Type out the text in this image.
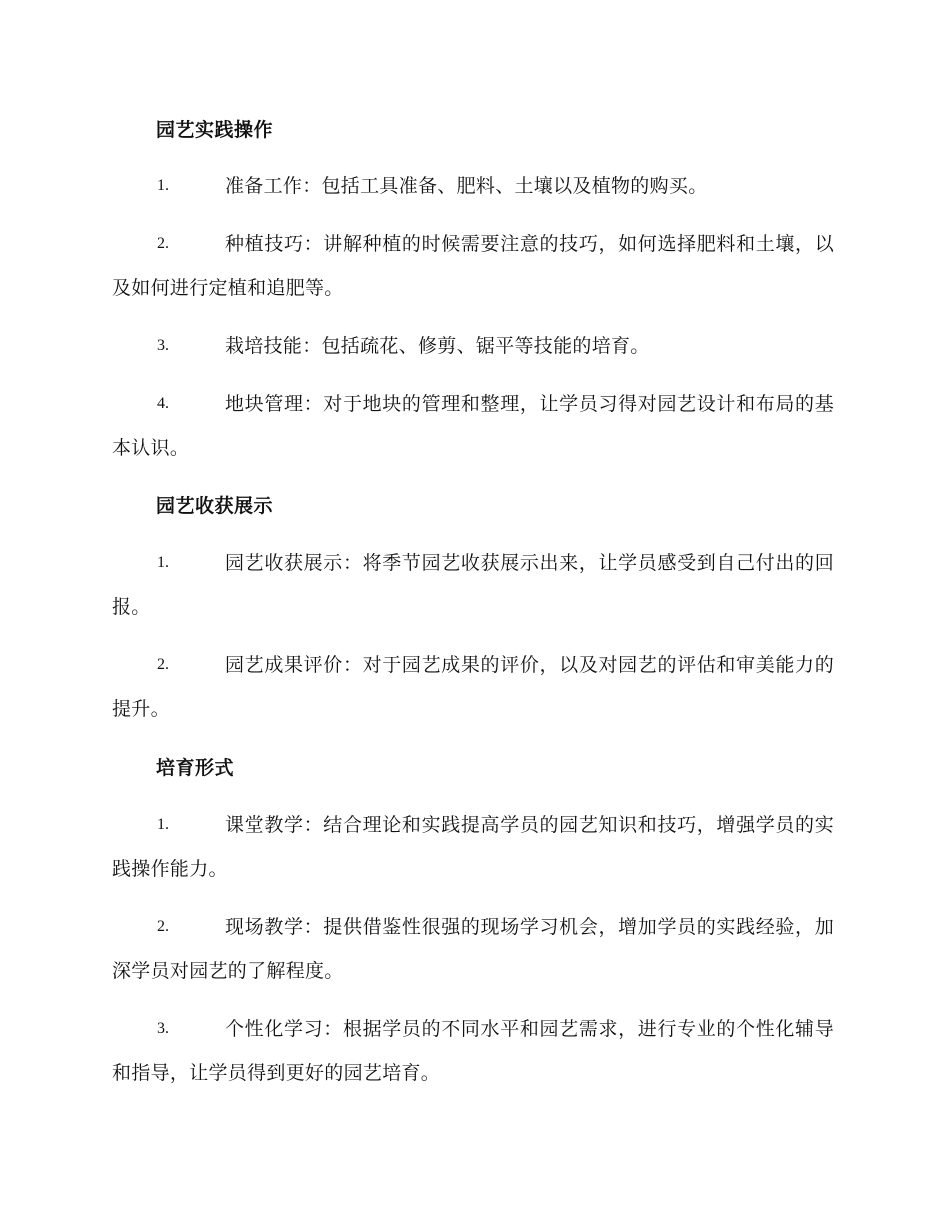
园艺实践操作
1.	准备工作：包括工具准备、肥料、土壤以及植物的购买。
2.	种植技巧：讲解种植的时候需要注意的技巧，如何选择肥料和土壤，以及如何进行定植和追肥等。
3.	栽培技能：包括疏花、修剪、锯平等技能的培育。
4.	地块管理：对于地块的管理和整理，让学员习得对园艺设计和布局的基本认识。
园艺收获展示
1.	园艺收获展示：将季节园艺收获展示出来，让学员感受到自己付出的回报。
2.	园艺成果评价：对于园艺成果的评价，以及对园艺的评估和审美能力的提升。
培育形式
1.	课堂教学：结合理论和实践提高学员的园艺知识和技巧，增强学员的实践操作能力。
2.	现场教学：提供借鉴性很强的现场学习机会，增加学员的实践经验，加深学员对园艺的了解程度。
3.	个性化学习：根据学员的不同水平和园艺需求，进行专业的个性化辅导和指导，让学员得到更好的园艺培育。
